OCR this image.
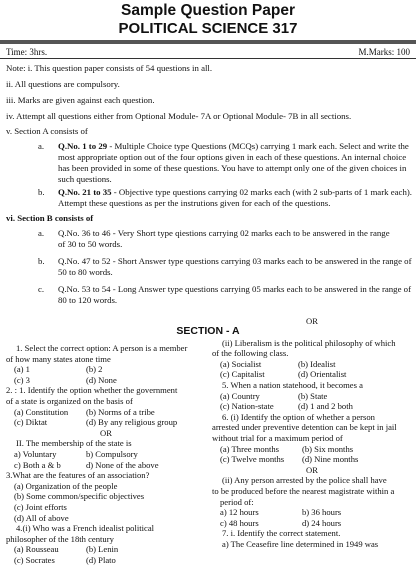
Sample Question Paper
POLITICAL SCIENCE 317
Time: 3hrs.	M.Marks: 100
Note: i. This question paper consists of 54 questions in all.
ii. All questions are compulsory.
iii. Marks are given against each question.
iv. Attempt all questions either from Optional Module- 7A or Optional Module- 7B in all sections.
v. Section A consists of
a. Q.No. 1 to 29 - Multiple Choice type Questions (MCQs) carrying 1 mark each. Select and write the
most appropriate option out of the four options given in each of these questions. An internal choice
has been provided in some of these questions. You have to attempt only one of the given choices in
such questions.
b. Q.No. 21 to 35 - Objective type questions carrying 02 marks each (with 2 sub-parts of 1 mark each).
Attempt these questions as per the instrutions given for each of the questions.
vi. Section B consists of
a. Q.No. 36 to 46 - Very Short type qiestions carrying 02 marks each to be answered in the range
of 30 to 50 words.
b. Q.No. 47 to 52 - Short Answer type questions carrying 03 marks each to be answered in the range of
50 to 80 words.
c. Q.No. 53 to 54 - Long Answer type questions carrying 05 marks each to be answered in the range of
80 to 120 words.
SECTION - A
1. Select the correct option: A person is a member
of how many states atone time
(a) 1	(b) 2
(c) 3	(d) None
2. : 1. Identify the option whether the government
of a state is organized on the basis of
(a) Constitution	(b) Norms of a tribe
(c) Diktat	(d) By any religious group
OR
II. The membership of the state is
a) Voluntary	b) Compulsory
c) Both a & b	d) None of the above
3.What are the features of an association?
(a) Organization of the people
(b) Some common/specific objectives
(c) Joint efforts
(d) All of above
4.(i) Who was a French idealist political
philosopher of the 18th century
(a) Rousseau	(b) Lenin
(c) Socrates	(d) Plato
OR
(ii) Liberalism is the political philosophy of which
of the following class.
(a) Socialist	(b) Idealist
(c) Capitalist	(d) Orientalist
5. When a nation statehood, it becomes a
(a) Country	(b) State
(c) Nation-state	(d) 1 and 2 both
6. (i) Identify the option of whether a person
arrested under preventive detention can be kept in jail
without trial for a maximum period of
(a) Three months	(b) Six months
(c) Twelve months	(d) Nine months
OR
(ii) Any person arrested by the police shall have
to be produced before the nearest magistrate within a
period of:
a) 12 hours	b) 36 hours
c) 48 hours	d) 24 hours
7. i. Identify the correct statement.
a) The Ceasefire line determined in 1949 was
